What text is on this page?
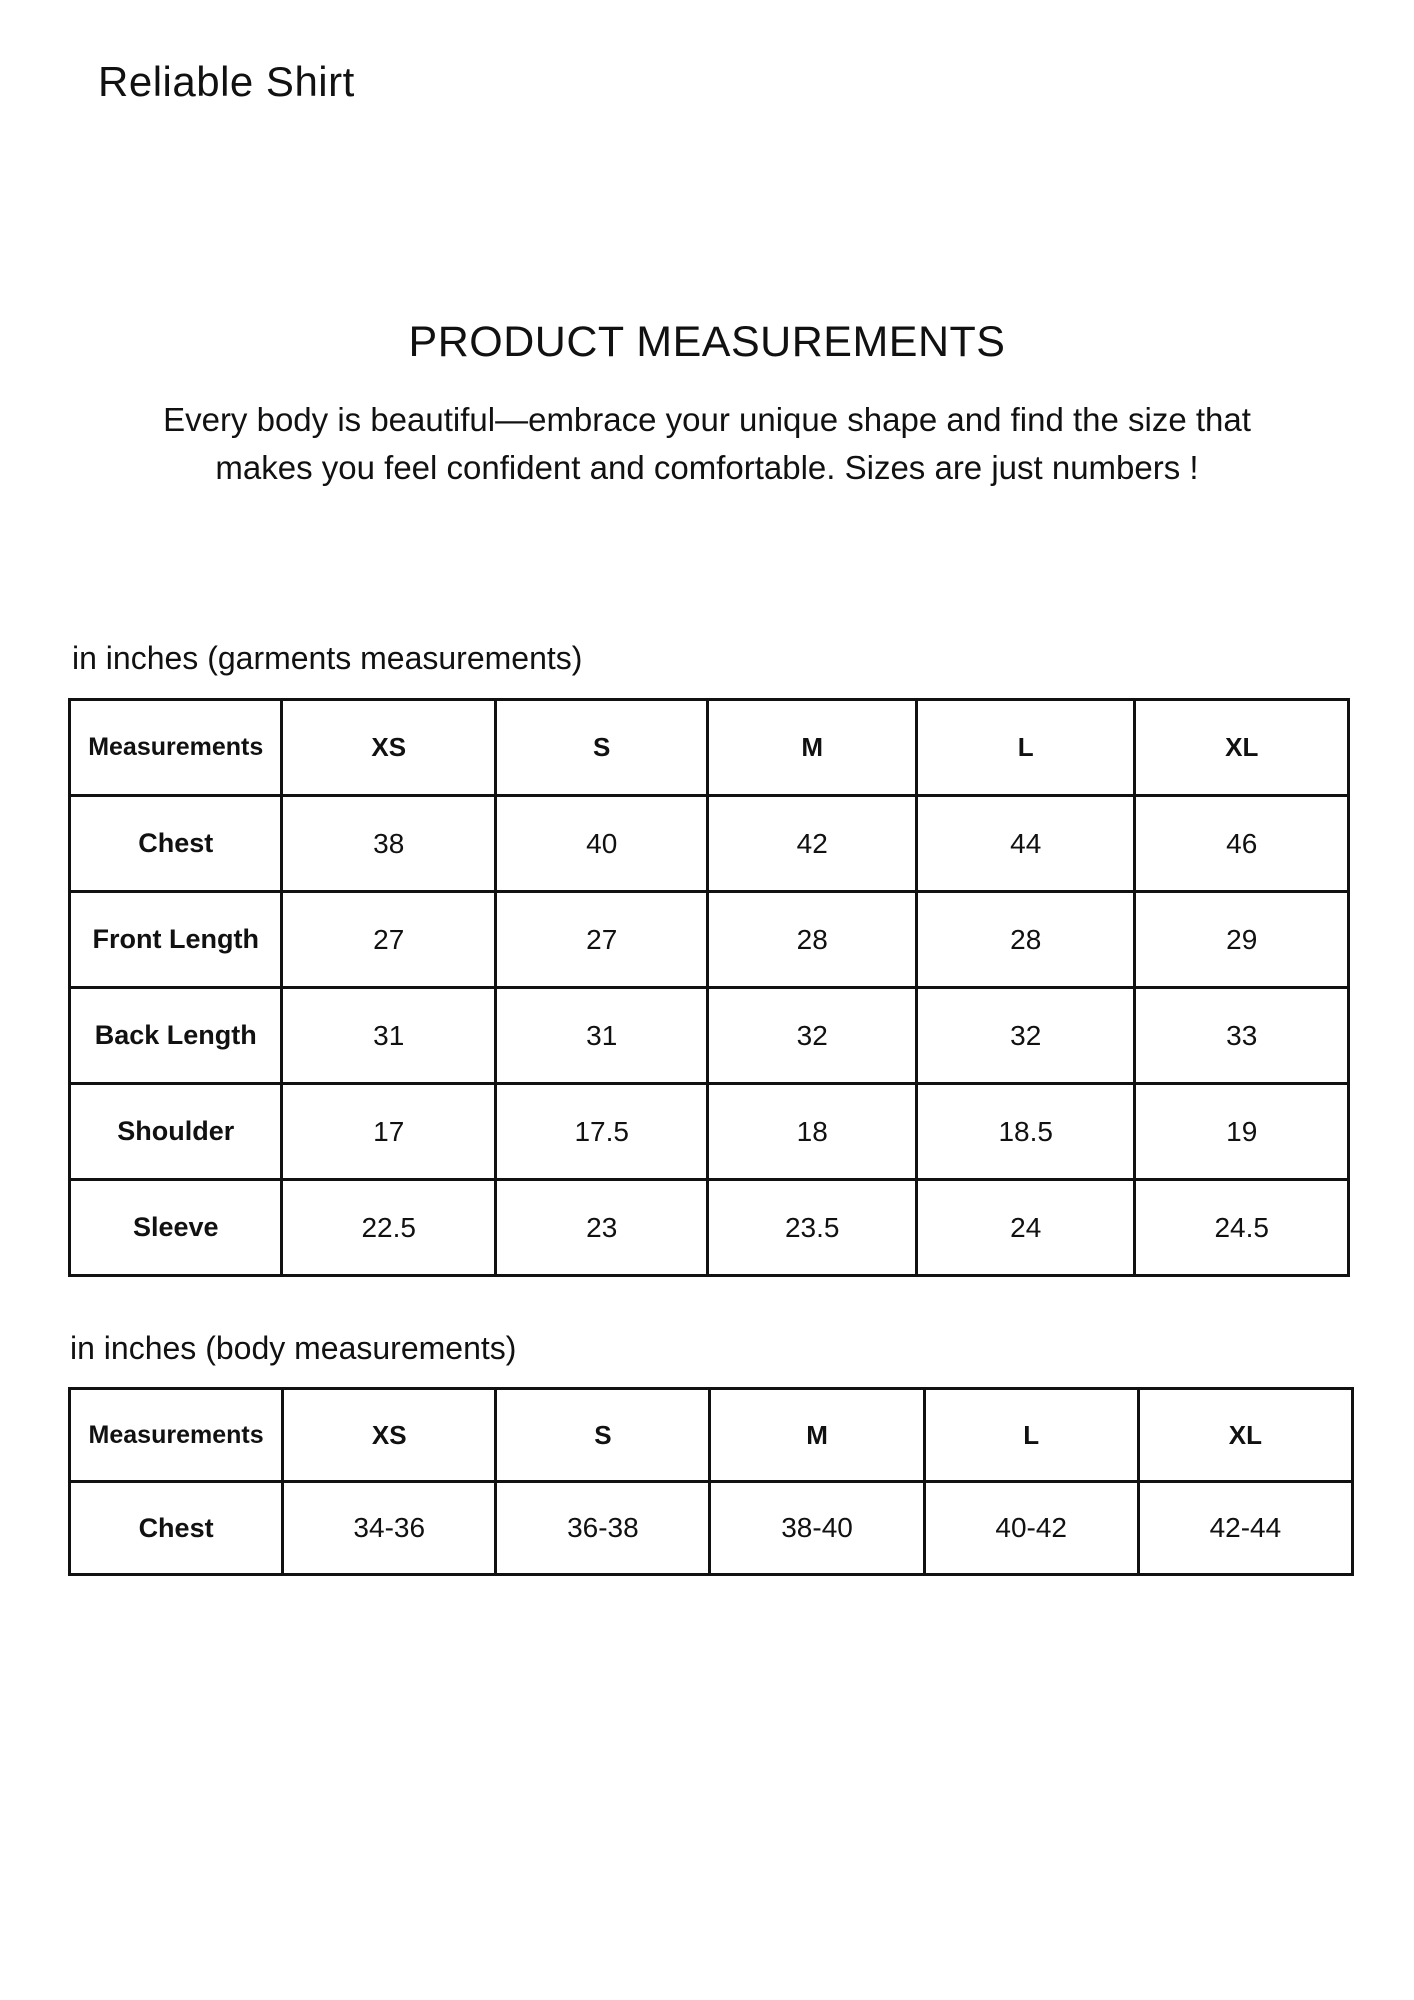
Reliable Shirt
PRODUCT MEASUREMENTS
Every body is beautiful—embrace your unique shape and find the size that
makes you feel confident and comfortable. Sizes are just numbers !
in inches (garments measurements)
Measurements	XS	S	M	L	XL
Chest	38	40	42	44	46
Front Length	27	27	28	28	29
Back Length	31	31	32	32	33
Shoulder	17	17.5	18	18.5	19
Sleeve	22.5	23	23.5	24	24.5
in inches (body measurements)
Measurements	XS	S	M	L	XL
Chest	34-36	36-38	38-40	40-42	42-44
